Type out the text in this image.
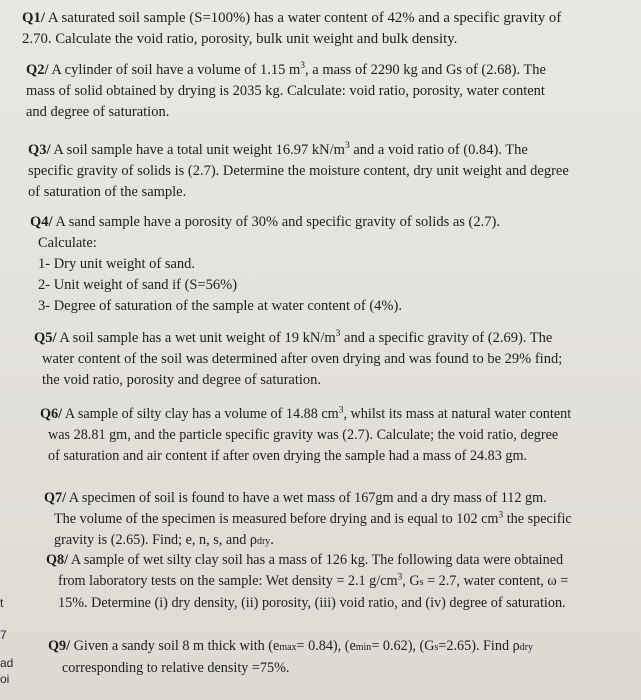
Q1/ A saturated soil sample (S=100%) has a water content of 42% and a specific gravity of
2.70. Calculate the void ratio, porosity, bulk unit weight and bulk density.
Q2/ A cylinder of soil have a volume of 1.15 $m^3$, a mass of 2290 kg and Gs of (2.68). The
mass of solid obtained by drying is 2035 kg. Calculate: void ratio, porosity, water content
and degree of saturation.
Q3/ A soil sample have a total unit weight 16.97 $kN/m^3$ and a void ratio of (0.84). The
specific gravity of solids is (2.7). Determine the moisture content, dry unit weight and degree
of saturation of the sample.
Q4/ A sand sample have a porosity of 30% and specific gravity of solids as (2.7).
Calculate:
1- Dry unit weight of sand.
2- Unit weight of sand if (S=56%)
3- Degree of saturation of the sample at water content of (4%).
Q5/ A soil sample has a wet unit weight of 19 $kN/m^3$ and a specific gravity of (2.69). The
water content of the soil was determined after oven drying and was found to be 29% find;
the void ratio, porosity and degree of saturation.
Q6/ A sample of silty clay has a volume of 14.88 $cm^3$, whilst its mass at natural water content
was 28.81 gm, and the particle specific gravity was (2.7). Calculate; the void ratio, degree
of saturation and air content if after oven drying the sample had a mass of 24.83 gm.
Q7/ A specimen of soil is found to have a wet mass of 167gm and a dry mass of 112 gm.
The volume of the specimen is measured before drying and is equal to 102 $cm^3$ the specific
gravity is (2.65). Find; e, n, s, and ρdry.
Q8/ A sample of wet silty clay soil has a mass of 126 kg. The following data were obtained
from laboratory tests on the sample: Wet density = 2.1 $g/cm^3$, Gs = 2.7, water content, ω =
15%. Determine (i) dry density, (ii) porosity, (iii) void ratio, and (iv) degree of saturation.
Q9/ Given a sandy soil 8 m thick with (emax= 0.84), (emin= 0.62), (Gs=2.65). Find ρdry
corresponding to relative density =75%.
t
7
ad
oi
